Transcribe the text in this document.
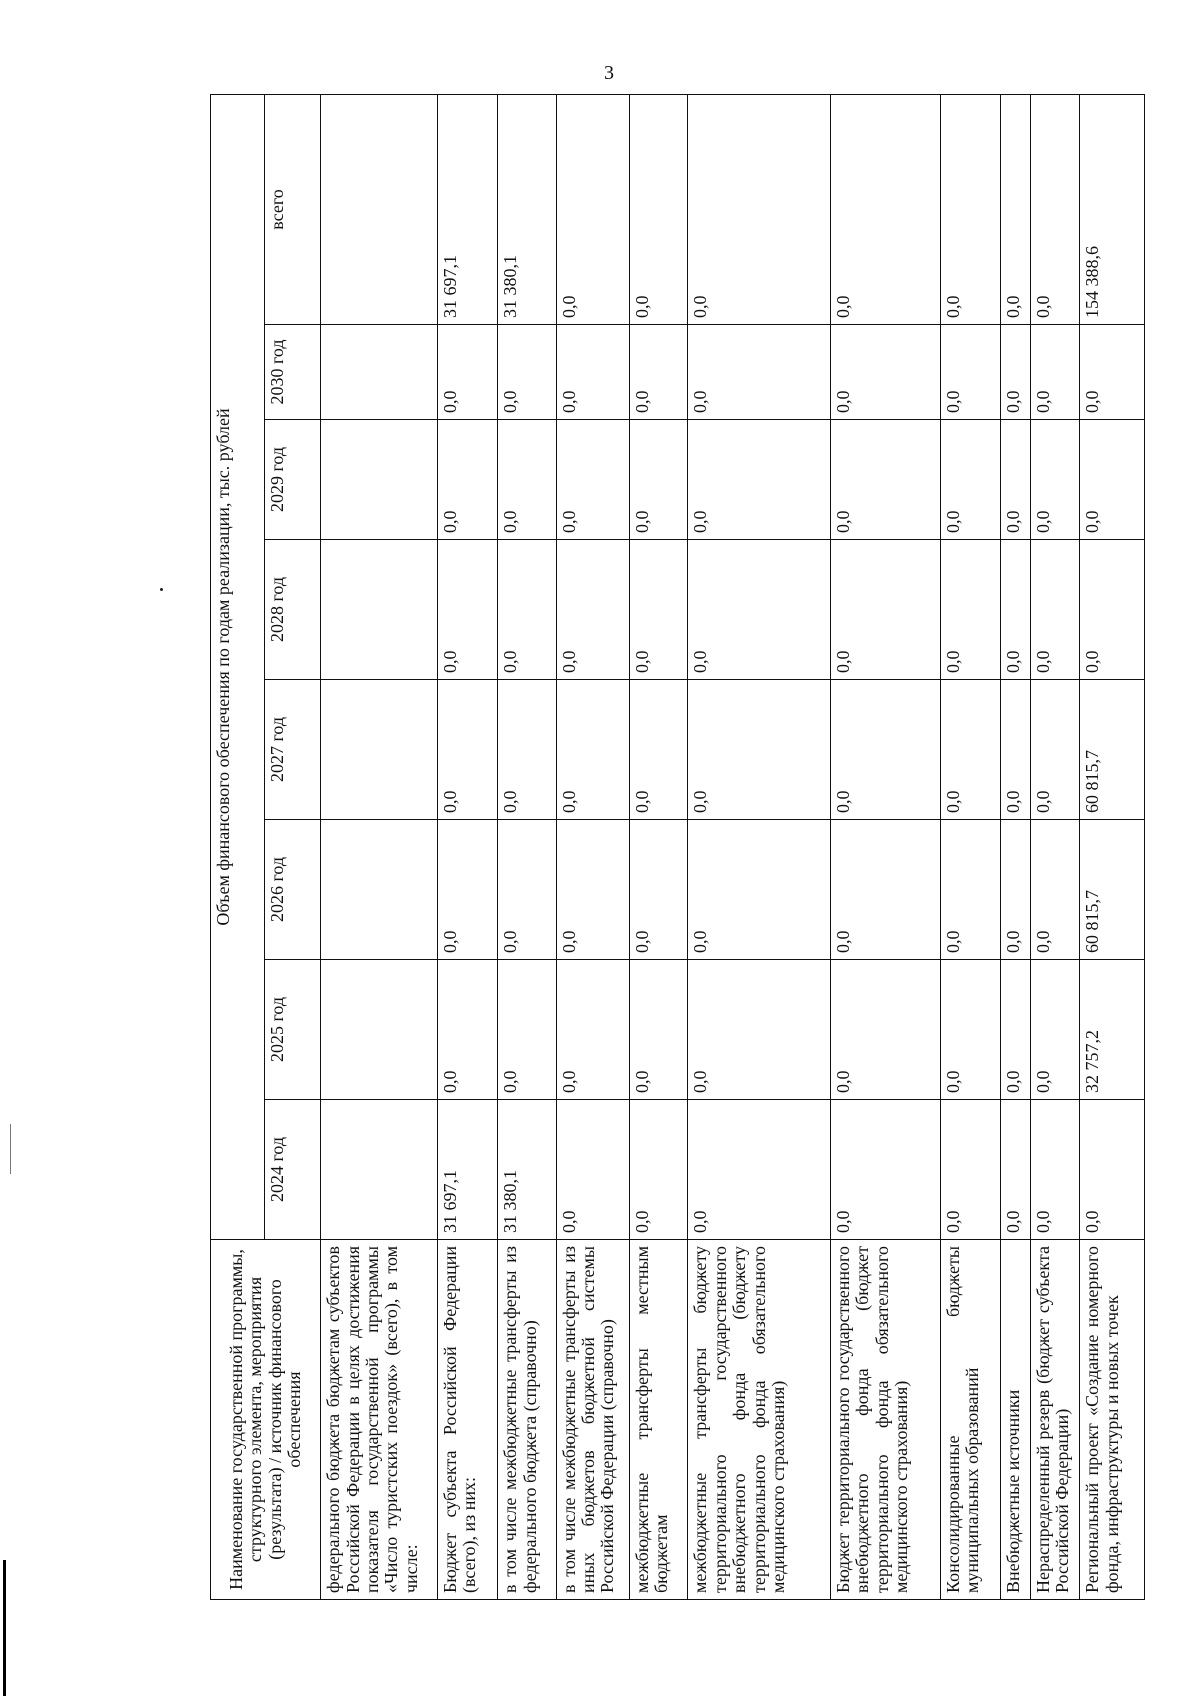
3
Наименование государственной программы, структурного элемента, мероприятия (результата) / источник финансового обеспечения	Объем финансового обеспечения по годам реализации, тыс. рублей							
	2024 год	2025 год	2026 год	2027 год	2028 год	2029 год	2030 год	всего
федерального бюджета бюджетам субъектов Российской Федерации в целях достижения показателя государственной программы «Число туристских поездок» (всего), в том числе:								
Бюджет субъекта Российской Федерации (всего), из них:	31 697,1	0,0	0,0	0,0	0,0	0,0	0,0	31 697,1
в том числе межбюджетные трансферты из федерального бюджета (справочно)	31 380,1	0,0	0,0	0,0	0,0	0,0	0,0	31 380,1
в том числе межбюджетные трансферты из иных бюджетов бюджетной системы Российской Федерации (справочно)	0,0	0,0	0,0	0,0	0,0	0,0	0,0	0,0
межбюджетные трансферты местным бюджетам	0,0	0,0	0,0	0,0	0,0	0,0	0,0	0,0
межбюджетные трансферты бюджету территориального государственного внебюджетного фонда (бюджету территориального фонда обязательного медицинского страхования)	0,0	0,0	0,0	0,0	0,0	0,0	0,0	0,0
Бюджет территориального государственного внебюджетного фонда (бюджет территориального фонда обязательного медицинского страхования)	0,0	0,0	0,0	0,0	0,0	0,0	0,0	0,0
Консолидированные бюджеты муниципальных образований	0,0	0,0	0,0	0,0	0,0	0,0	0,0	0,0
Внебюджетные источники	0,0	0,0	0,0	0,0	0,0	0,0	0,0	0,0
Нераспределенный резерв (бюджет субъекта Российской Федерации)	0,0	0,0	0,0	0,0	0,0	0,0	0,0	0,0
Региональный проект «Создание номерного фонда, инфраструктуры и новых точек	0,0	32 757,2	60 815,7	60 815,7	0,0	0,0	0,0	154 388,6
